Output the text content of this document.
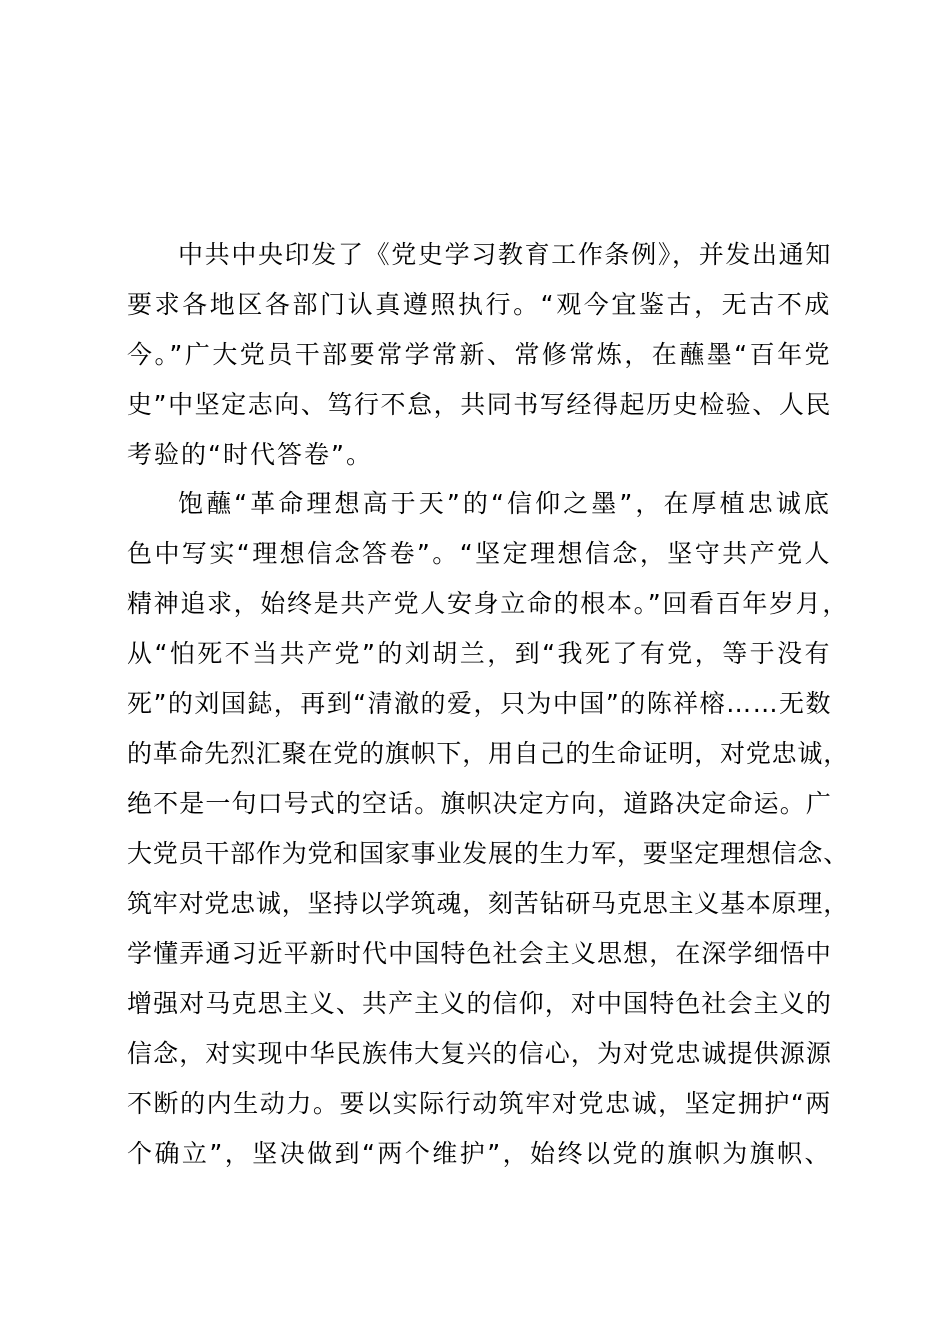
中共中央印发了《党史学习教育工作条例》，并发出通知
要求各地区各部门认真遵照执行。“观今宜鉴古，无古不成
今。”广大党员干部要常学常新、常修常炼，在蘸墨“百年党
史”中坚定志向、笃行不怠，共同书写经得起历史检验、人民
考验的“时代答卷”。
饱蘸“革命理想高于天”的“信仰之墨”，在厚植忠诚底
色中写实“理想信念答卷”。“坚定理想信念，坚守共产党人
精神追求，始终是共产党人安身立命的根本。”回看百年岁月，
从“怕死不当共产党”的刘胡兰，到“我死了有党，等于没有
死”的刘国鋕，再到“清澈的爱，只为中国”的陈祥榕……无数
的革命先烈汇聚在党的旗帜下，用自己的生命证明，对党忠诚，
绝不是一句口号式的空话。旗帜决定方向，道路决定命运。广
大党员干部作为党和国家事业发展的生力军，要坚定理想信念、
筑牢对党忠诚，坚持以学筑魂，刻苦钻研马克思主义基本原理，
学懂弄通习近平新时代中国特色社会主义思想，在深学细悟中
增强对马克思主义、共产主义的信仰，对中国特色社会主义的
信念，对实现中华民族伟大复兴的信心，为对党忠诚提供源源
不断的内生动力。要以实际行动筑牢对党忠诚，坚定拥护“两
个确立”，坚决做到“两个维护”，始终以党的旗帜为旗帜、
